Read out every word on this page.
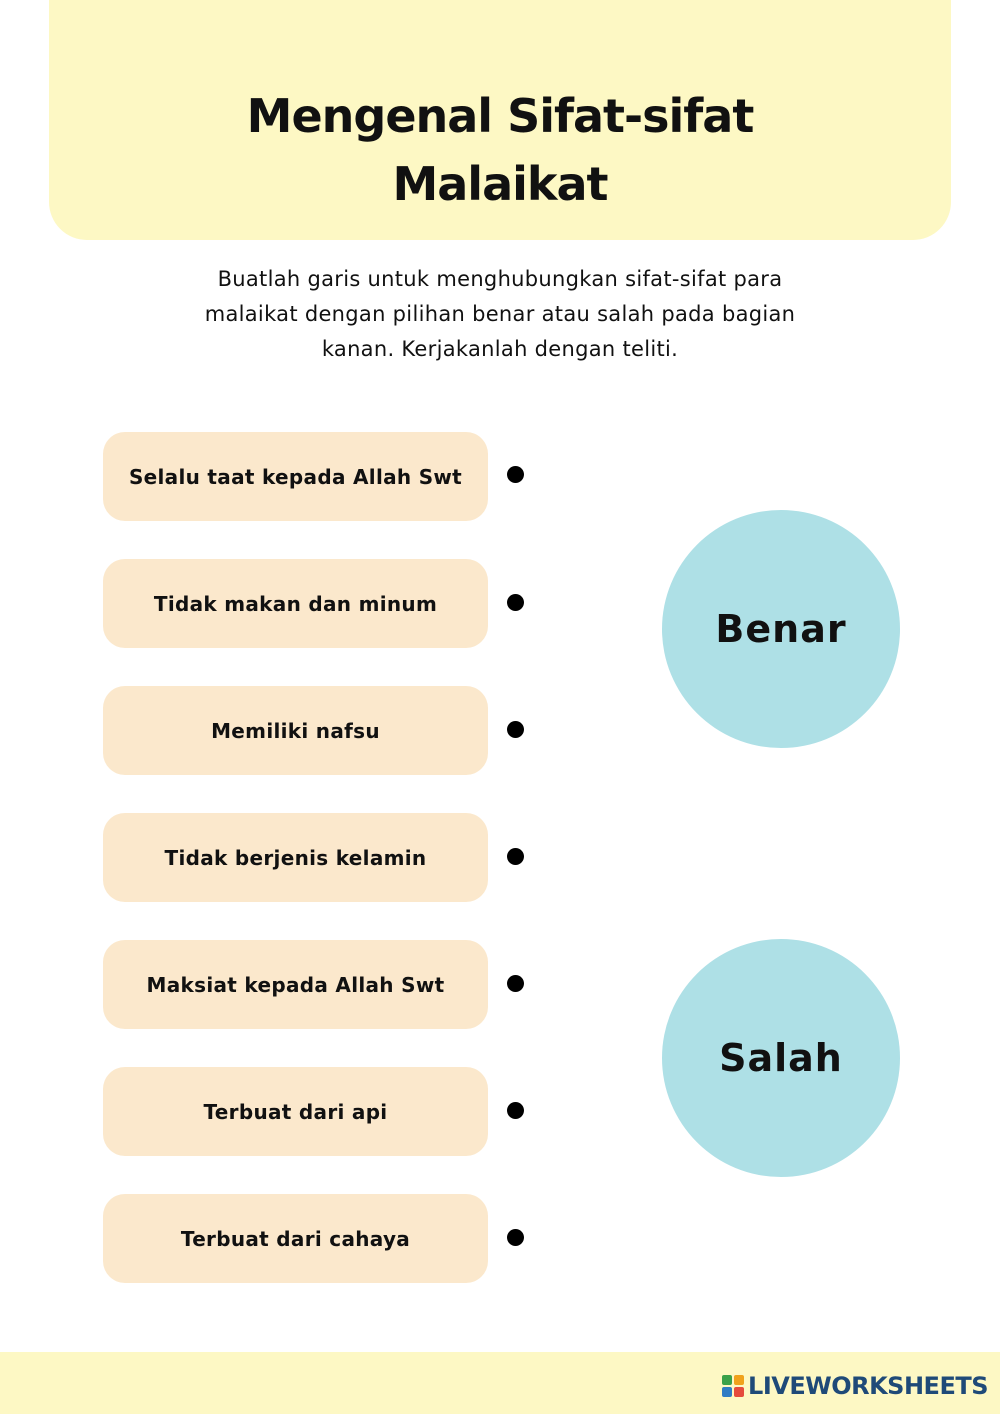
Mengenal Sifat-sifat
Malaikat

Buatlah garis untuk menghubungkan sifat-sifat para
malaikat dengan pilihan benar atau salah pada bagian
kanan. Kerjakanlah dengan teliti.

Selalu taat kepada Allah Swt
Tidak makan dan minum
Memiliki nafsu
Tidak berjenis kelamin
Maksiat kepada Allah Swt
Terbuat dari api
Terbuat dari cahaya
Benar
Salah
LIVEWORKSHEETS
